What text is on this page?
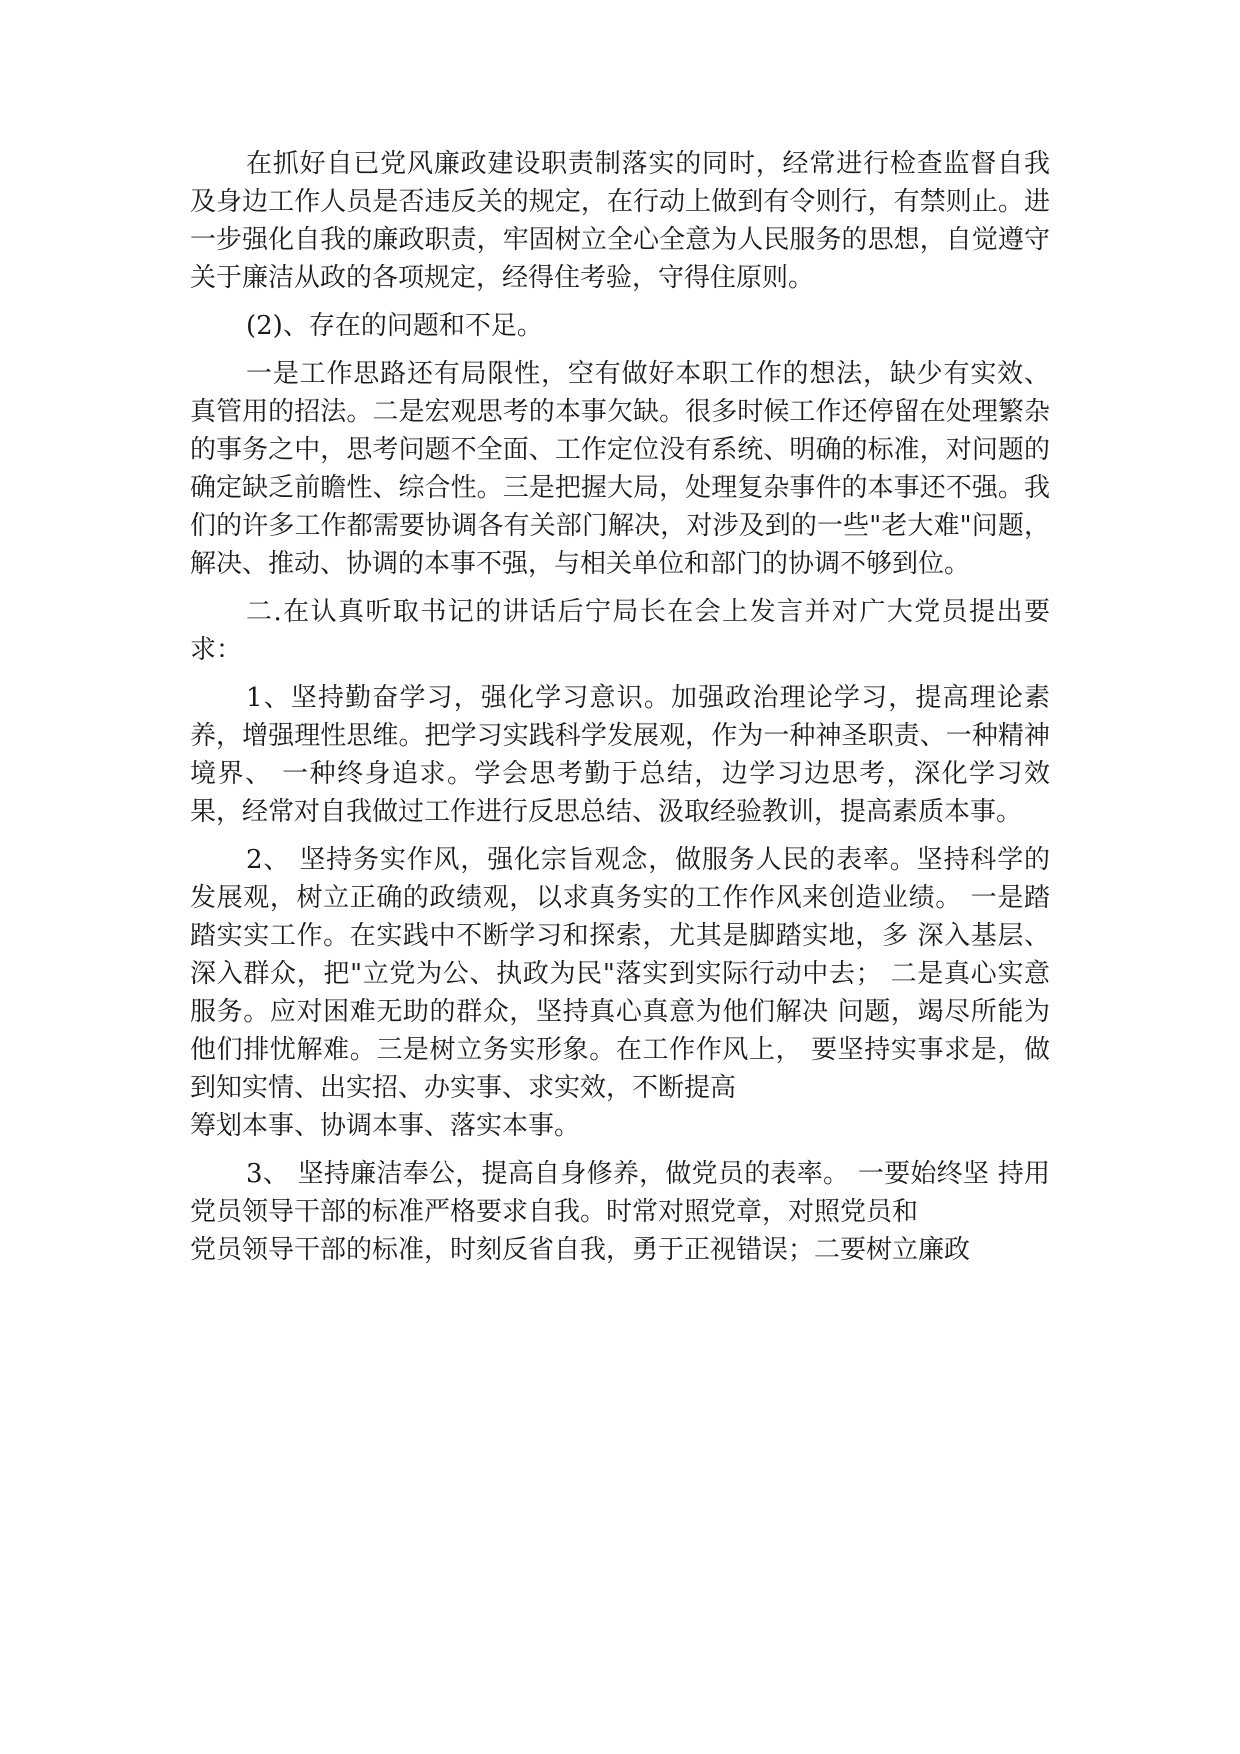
在抓好自已党风廉政建设职责制落实的同时，经常进行检查监督自我及身边工作人员是否违反关的规定，在行动上做到有令则行，有禁则止。进一步强化自我的廉政职责，牢固树立全心全意为人民服务的思想，自觉遵守关于廉洁从政的各项规定，经得住考验，守得住原则。

(2)、存在的问题和不足。

一是工作思路还有局限性，空有做好本职工作的想法，缺少有实效、真管用的招法。二是宏观思考的本事欠缺。很多时候工作还停留在处理繁杂的事务之中，思考问题不全面、工作定位没有系统、明确的标准，对问题的确定缺乏前瞻性、综合性。三是把握大局，处理复杂事件的本事还不强。我们的许多工作都需要协调各有关部门解决，对涉及到的一些"老大难"问题，解决、推动、协调的本事不强，与相关单位和部门的协调不够到位。

二.在认真听取书记的讲话后宁局长在会上发言并对广大党员提出要求：

1、坚持勤奋学习，强化学习意识。加强政治理论学习，提高理论素养，增强理性思维。把学习实践科学发展观，作为一种神圣职责、一种精神境界、 一种终身追求。学会思考勤于总结，边学习边思考，深化学习效果，经常对自我做过工作进行反思总结、汲取经验教训，提高素质本事。

2、 坚持务实作风，强化宗旨观念，做服务人民的表率。坚持科学的发展观，树立正确的政绩观，以求真务实的工作作风来创造业绩。 一是踏踏实实工作。在实践中不断学习和探索，尤其是脚踏实地，多 深入基层、深入群众，把"立党为公、执政为民"落实到实际行动中去； 二是真心实意服务。应对困难无助的群众，坚持真心真意为他们解决 问题，竭尽所能为他们排忧解难。三是树立务实形象。在工作作风上， 要坚持实事求是，做到知实情、出实招、办实事、求实效，不断提高

筹划本事、协调本事、落实本事。

3、 坚持廉洁奉公，提高自身修养，做党员的表率。 一要始终坚 持用党员领导干部的标准严格要求自我。时常对照党章，对照党员和

党员领导干部的标准，时刻反省自我，勇于正视错误；二要树立廉政
